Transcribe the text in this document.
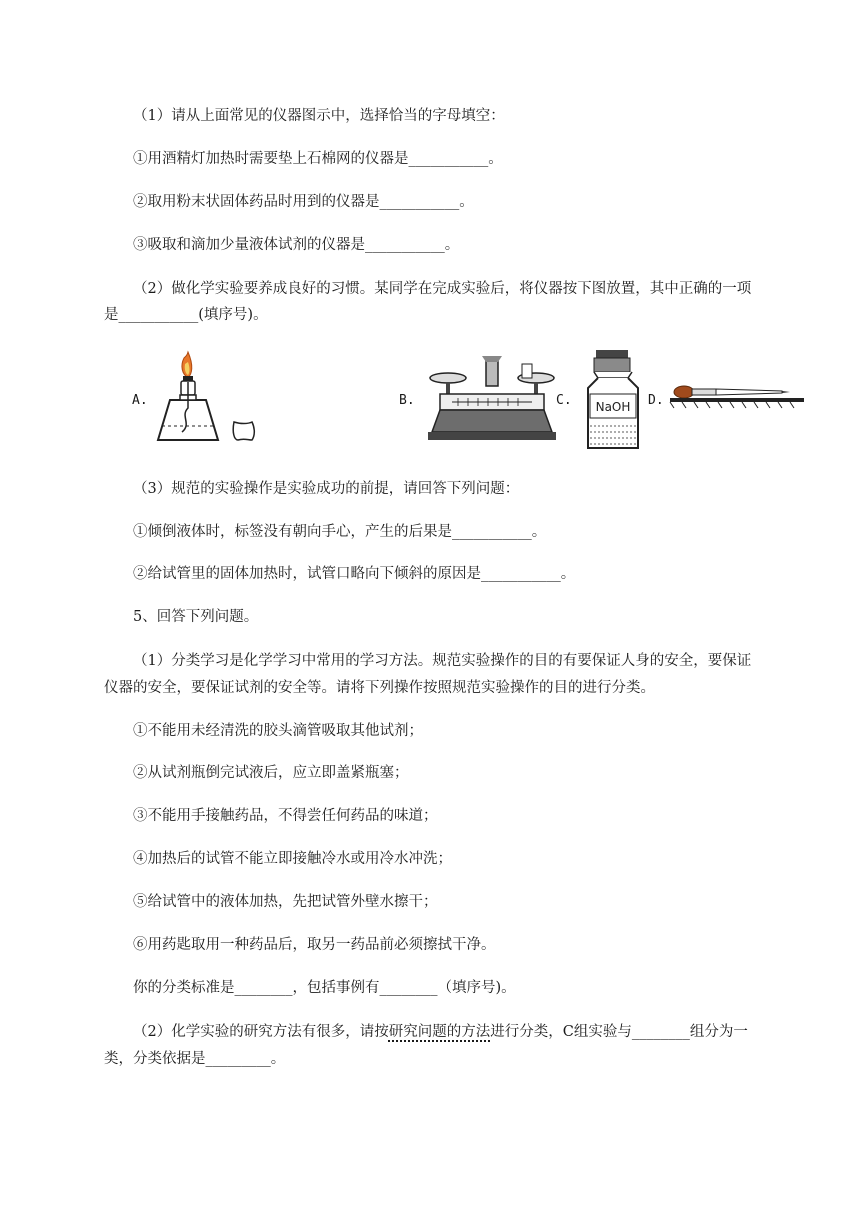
（1）请从上面常见的仪器图示中，选择恰当的字母填空：
①用酒精灯加热时需要垫上石棉网的仪器是___________。
②取用粉末状固体药品时用到的仪器是___________。
③吸取和滴加少量液体试剂的仪器是___________。
（2）做化学实验要养成良好的习惯。某同学在完成实验后，将仪器按下图放置，其中正确的一项
是___________(填序号)。
A.	B.	C. NaOH D.
（3）规范的实验操作是实验成功的前提，请回答下列问题：
①倾倒液体时，标签没有朝向手心，产生的后果是___________。
②给试管里的固体加热时，试管口略向下倾斜的原因是___________。
5、回答下列问题。
（1）分类学习是化学学习中常用的学习方法。规范实验操作的目的有要保证人身的安全，要保证
仪器的安全，要保证试剂的安全等。请将下列操作按照规范实验操作的目的进行分类。
①不能用未经清洗的胶头滴管吸取其他试剂；
②从试剂瓶倒完试液后，应立即盖紧瓶塞；
③不能用手接触药品，不得尝任何药品的味道；
④加热后的试管不能立即接触冷水或用冷水冲洗；
⑤给试管中的液体加热，先把试管外壁水擦干；
⑥用药匙取用一种药品后，取另一药品前必须擦拭干净。
你的分类标准是________，包括事例有________（填序号)。
（2）化学实验的研究方法有很多，请按研究问题的方法进行分类，C组实验与________组分为一
类，分类依据是_________。
